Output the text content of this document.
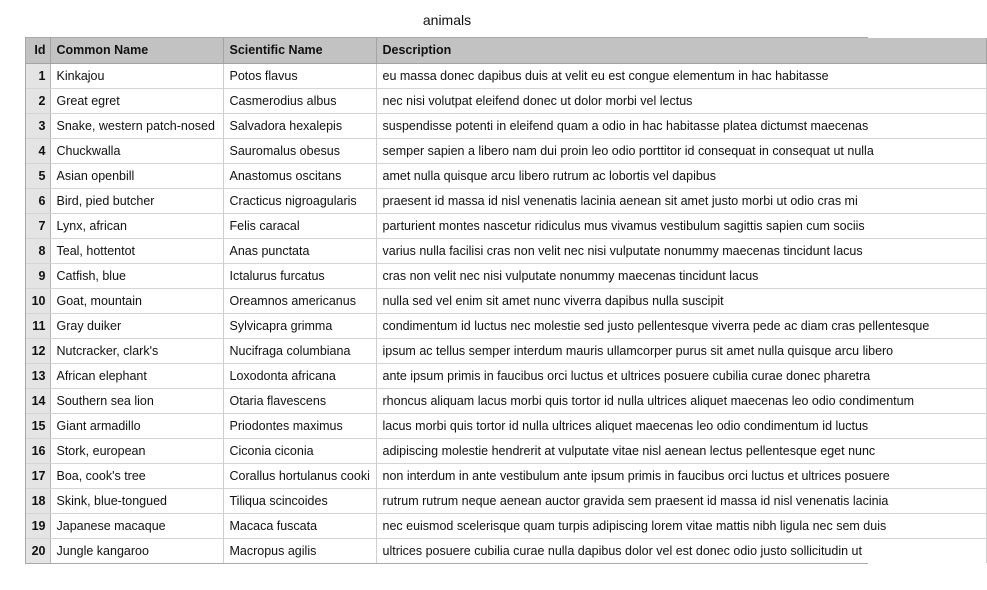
animals
Id	Common Name	Scientific Name	Description
1	Kinkajou	Potos flavus	eu massa donec dapibus duis at velit eu est congue elementum in hac habitasse
2	Great egret	Casmerodius albus	nec nisi volutpat eleifend donec ut dolor morbi vel lectus
3	Snake, western patch-nosed	Salvadora hexalepis	suspendisse potenti in eleifend quam a odio in hac habitasse platea dictumst maecenas
4	Chuckwalla	Sauromalus obesus	semper sapien a libero nam dui proin leo odio porttitor id consequat in consequat ut nulla
5	Asian openbill	Anastomus oscitans	amet nulla quisque arcu libero rutrum ac lobortis vel dapibus
6	Bird, pied butcher	Cracticus nigroagularis	praesent id massa id nisl venenatis lacinia aenean sit amet justo morbi ut odio cras mi
7	Lynx, african	Felis caracal	parturient montes nascetur ridiculus mus vivamus vestibulum sagittis sapien cum sociis
8	Teal, hottentot	Anas punctata	varius nulla facilisi cras non velit nec nisi vulputate nonummy maecenas tincidunt lacus
9	Catfish, blue	Ictalurus furcatus	cras non velit nec nisi vulputate nonummy maecenas tincidunt lacus
10	Goat, mountain	Oreamnos americanus	nulla sed vel enim sit amet nunc viverra dapibus nulla suscipit
11	Gray duiker	Sylvicapra grimma	condimentum id luctus nec molestie sed justo pellentesque viverra pede ac diam cras pellentesque
12	Nutcracker, clark's	Nucifraga columbiana	ipsum ac tellus semper interdum mauris ullamcorper purus sit amet nulla quisque arcu libero
13	African elephant	Loxodonta africana	ante ipsum primis in faucibus orci luctus et ultrices posuere cubilia curae donec pharetra
14	Southern sea lion	Otaria flavescens	rhoncus aliquam lacus morbi quis tortor id nulla ultrices aliquet maecenas leo odio condimentum
15	Giant armadillo	Priodontes maximus	lacus morbi quis tortor id nulla ultrices aliquet maecenas leo odio condimentum id luctus
16	Stork, european	Ciconia ciconia	adipiscing molestie hendrerit at vulputate vitae nisl aenean lectus pellentesque eget nunc
17	Boa, cook's tree	Corallus hortulanus cooki	non interdum in ante vestibulum ante ipsum primis in faucibus orci luctus et ultrices posuere
18	Skink, blue-tongued	Tiliqua scincoides	rutrum rutrum neque aenean auctor gravida sem praesent id massa id nisl venenatis lacinia
19	Japanese macaque	Macaca fuscata	nec euismod scelerisque quam turpis adipiscing lorem vitae mattis nibh ligula nec sem duis
20	Jungle kangaroo	Macropus agilis	ultrices posuere cubilia curae nulla dapibus dolor vel est donec odio justo sollicitudin ut
